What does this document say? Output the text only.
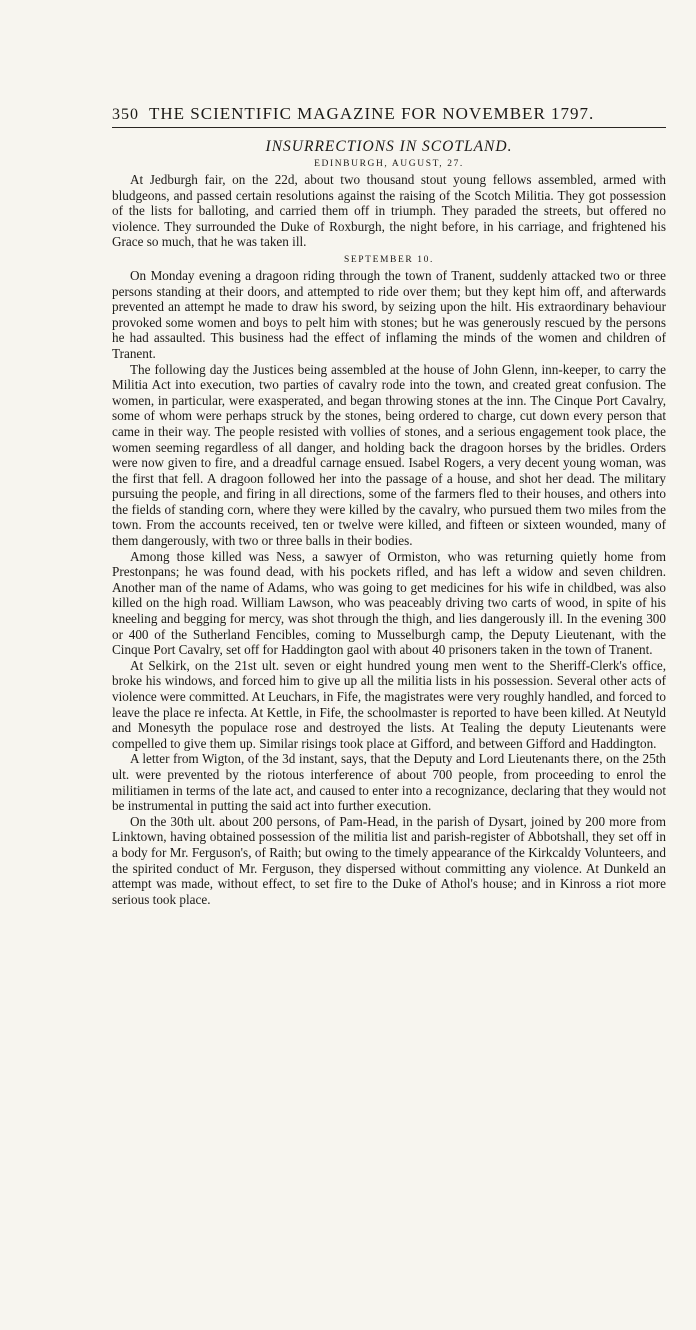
350 THE SCIENTIFIC MAGAZINE FOR NOVEMBER 1797.
INSURRECTIONS IN SCOTLAND.
EDINBURGH, AUGUST, 27.

At Jedburgh fair, on the 22d, about two thousand stout young fellows assembled, armed with bludgeons, and passed certain resolutions against the raising of the Scotch Militia. They got possession of the lists for balloting, and carried them off in triumph. They paraded the streets, but offered no violence. They surrounded the Duke of Roxburgh, the night before, in his carriage, and frightened his Grace so much, that he was taken ill.

SEPTEMBER 10.

On Monday evening a dragoon riding through the town of Tranent, suddenly attacked two or three persons standing at their doors, and attempted to ride over them; but they kept him off, and afterwards prevented an attempt he made to draw his sword, by seizing upon the hilt. His extraordinary behaviour provoked some women and boys to pelt him with stones; but he was generously rescued by the persons he had assaulted. This business had the effect of inflaming the minds of the women and children of Tranent.

The following day the Justices being assembled at the house of John Glenn, inn-keeper, to carry the Militia Act into execution, two parties of cavalry rode into the town, and created great confusion. The women, in particular, were exasperated, and began throwing stones at the inn. The Cinque Port Cavalry, some of whom were perhaps struck by the stones, being ordered to charge, cut down every person that came in their way. The people resisted with vollies of stones, and a serious engagement took place, the women seeming regardless of all danger, and holding back the dragoon horses by the bridles. Orders were now given to fire, and a dreadful carnage ensued. Isabel Rogers, a very decent young woman, was the first that fell. A dragoon followed her into the passage of a house, and shot her dead. The military pursuing the people, and firing in all directions, some of the farmers fled to their houses, and others into the fields of standing corn, where they were killed by the cavalry, who pursued them two miles from the town. From the accounts received, ten or twelve were killed, and fifteen or sixteen wounded, many of them dangerously, with two or three balls in their bodies.

Among those killed was Ness, a sawyer of Ormiston, who was returning quietly home from Prestonpans; he was found dead, with his pockets rifled, and has left a widow and seven children. Another man of the name of Adams, who was going to get medicines for his wife in childbed, was also killed on the high road. William Lawson, who was peaceably driving two carts of wood, in spite of his kneeling and begging for mercy, was shot through the thigh, and lies dangerously ill. In the evening 300 or 400 of the Sutherland Fencibles, coming to Musselburgh camp, the Deputy Lieutenant, with the Cinque Port Cavalry, set off for Haddington gaol with about 40 prisoners taken in the town of Tranent.

At Selkirk, on the 21st ult. seven or eight hundred young men went to the Sheriff-Clerk's office, broke his windows, and forced him to give up all the militia lists in his possession. Several other acts of violence were committed. At Leuchars, in Fife, the magistrates were very roughly handled, and forced to leave the place re infecta. At Kettle, in Fife, the schoolmaster is reported to have been killed. At Neutyld and Monesyth the populace rose and destroyed the lists. At Tealing the deputy Lieutenants were compelled to give them up. Similar risings took place at Gifford, and between Gifford and Haddington.

A letter from Wigton, of the 3d instant, says, that the Deputy and Lord Lieutenants there, on the 25th ult. were prevented by the riotous interference of about 700 people, from proceeding to enrol the militiamen in terms of the late act, and caused to enter into a recognizance, declaring that they would not be instrumental in putting the said act into further execution.

On the 30th ult. about 200 persons, of Pam-Head, in the parish of Dysart, joined by 200 more from Linktown, having obtained possession of the militia list and parish-register of Abbotshall, they set off in a body for Mr. Ferguson's, of Raith; but owing to the timely appearance of the Kirkcaldy Volunteers, and the spirited conduct of Mr. Ferguson, they dispersed without committing any violence. At Dunkeld an attempt was made, without effect, to set fire to the Duke of Athol's house; and in Kinross a riot more serious took place.
